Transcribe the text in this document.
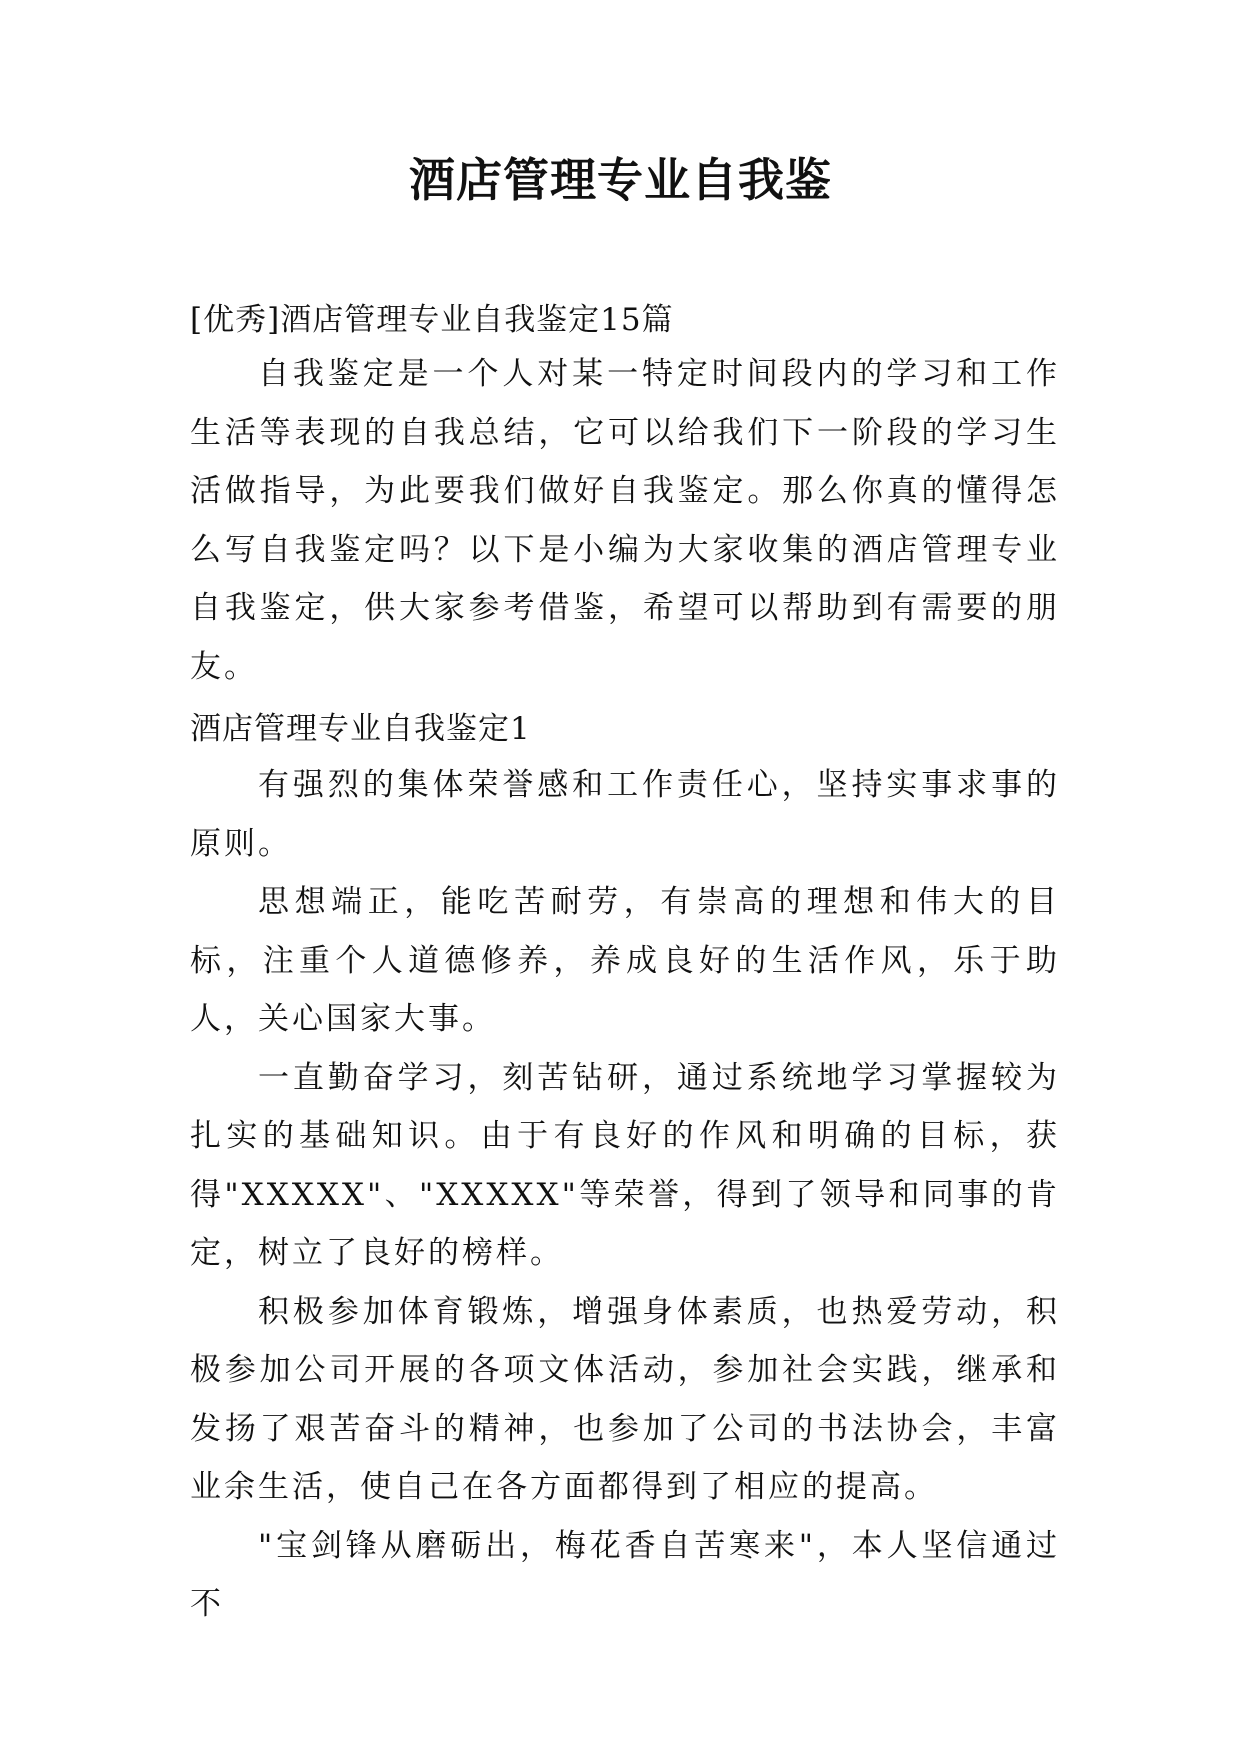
酒店管理专业自我鉴
[优秀]酒店管理专业自我鉴定15篇

自我鉴定是一个人对某一特定时间段内的学习和工作生活等表现的自我总结，它可以给我们下一阶段的学习生活做指导，为此要我们做好自我鉴定。那么你真的懂得怎么写自我鉴定吗？以下是小编为大家收集的酒店管理专业自我鉴定，供大家参考借鉴，希望可以帮助到有需要的朋友。

酒店管理专业自我鉴定1

有强烈的集体荣誉感和工作责任心，坚持实事求事的原则。

思想端正，能吃苦耐劳，有崇高的理想和伟大的目标，注重个人道德修养，养成良好的生活作风，乐于助人，关心国家大事。

一直勤奋学习，刻苦钻研，通过系统地学习掌握较为扎实的基础知识。由于有良好的作风和明确的目标，获得"XXXXX"、"XXXXX"等荣誉，得到了领导和同事的肯定，树立了良好的榜样。

积极参加体育锻炼，增强身体素质，也热爱劳动，积极参加公司开展的各项文体活动，参加社会实践，继承和发扬了艰苦奋斗的精神，也参加了公司的书法协会，丰富业余生活，使自己在各方面都得到了相应的提高。

"宝剑锋从磨砺出，梅花香自苦寒来"，本人坚信通过不
